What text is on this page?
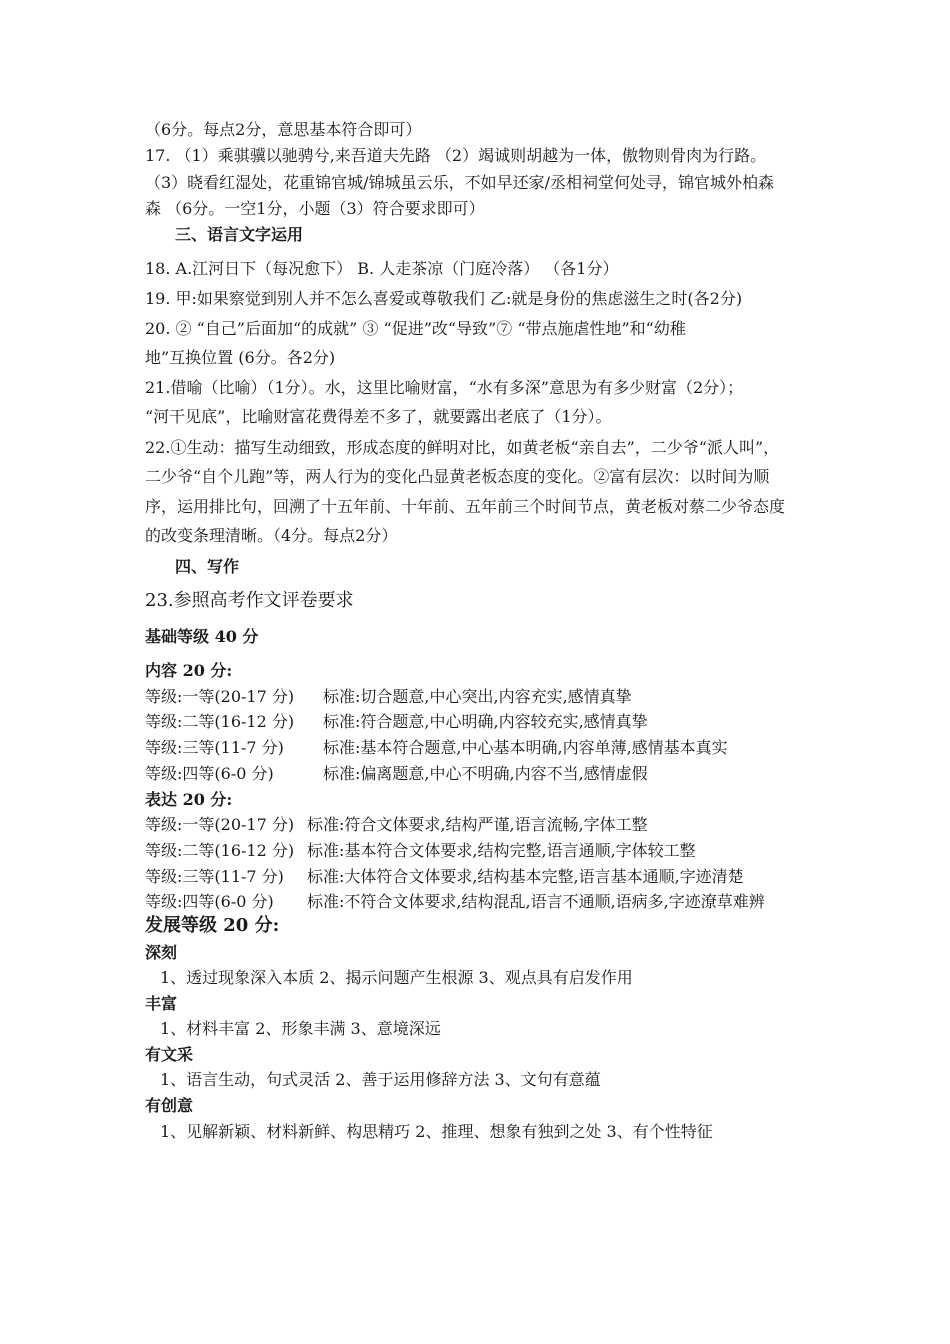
（6分。每点2分，意思基本符合即可）
17. （1）乘骐骥以驰骋兮,来吾道夫先路 （2）竭诚则胡越为一体，傲物则骨肉为行路。
（3）晓看红湿处，花重锦官城/锦城虽云乐，不如早还家/丞相祠堂何处寻，锦官城外柏森
森 （6分。一空1分，小题（3）符合要求即可）
三、语言文字运用
18. A.江河日下（每况愈下） B. 人走茶凉（门庭冷落） （各1分）
19. 甲:如果察觉到别人并不怎么喜爱或尊敬我们 乙:就是身份的焦虑滋生之时(各2分)
20. ② “自己”后面加“的成就” ③ “促进”改“导致”⑦ “带点施虐性地”和“幼稚
地”互换位置 (6分。各2分)
21.借喻（比喻）（1分）。水，这里比喻财富，“水有多深”意思为有多少财富（2分）；
“河干见底”，比喻财富花费得差不多了，就要露出老底了（1分）。
22.①生动：描写生动细致，形成态度的鲜明对比，如黄老板“亲自去”，二少爷“派人叫”，
二少爷“自个儿跑”等，两人行为的变化凸显黄老板态度的变化。②富有层次：以时间为顺
序，运用排比句，回溯了十五年前、十年前、五年前三个时间节点，黄老板对蔡二少爷态度
的改变条理清晰。（4分。每点2分）
四、写作
23.参照高考作文评卷要求
基础等级 40 分
内容 20 分:
等级:一等(20-17 分) 标准:切合题意,中心突出,内容充实,感情真挚
等级:二等(16-12 分) 标准:符合题意,中心明确,内容较充实,感情真挚
等级:三等(11-7 分) 标准:基本符合题意,中心基本明确,内容单薄,感情基本真实
等级:四等(6-0 分)	标准:偏离题意,中心不明确,内容不当,感情虚假
表达 20 分:
等级:一等(20-17 分) 标准:符合文体要求,结构严谨,语言流畅,字体工整
等级:二等(16-12 分) 标准:基本符合文体要求,结构完整,语言通顺,字体较工整
等级:三等(11-7 分) 标准:大体符合文体要求,结构基本完整,语言基本通顺,字迹清楚
等级:四等(6-0 分) 标准:不符合文体要求,结构混乱,语言不通顺,语病多,字迹潦草难辨
发展等级 20 分:
深刻
1、透过现象深入本质 2、揭示问题产生根源 3、观点具有启发作用
丰富
1、材料丰富 2、形象丰满 3、意境深远
有文采
1、语言生动，句式灵活 2、善于运用修辞方法 3、文句有意蕴
有创意
1、见解新颖、材料新鲜、构思精巧 2、推理、想象有独到之处 3、有个性特征
